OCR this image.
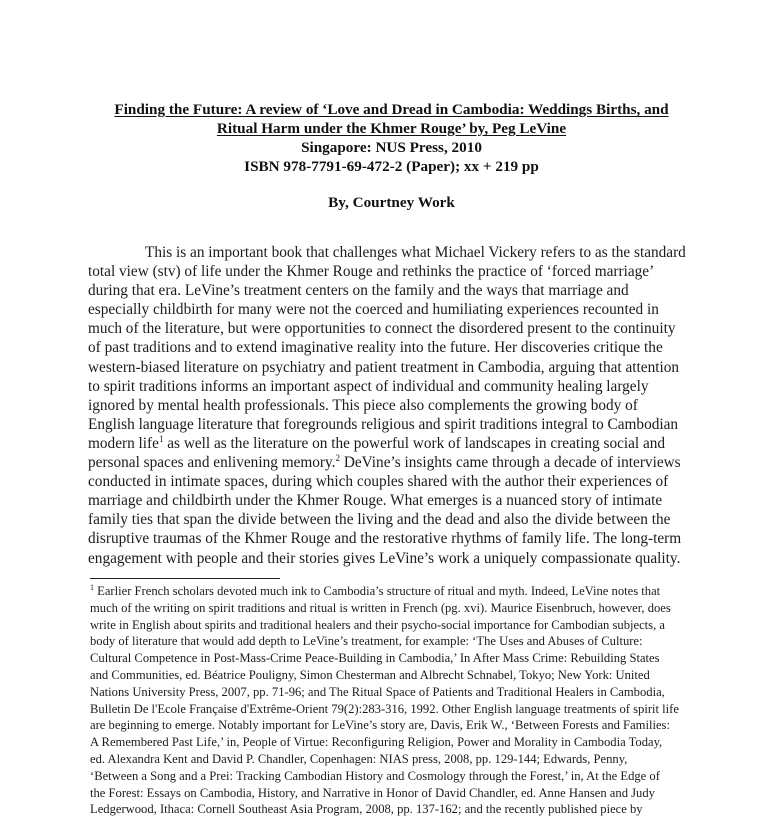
Finding the Future: A review of ‘Love and Dread in Cambodia: Weddings Births, and
Ritual Harm under the Khmer Rouge’ by, Peg LeVine
Singapore: NUS Press, 2010
ISBN 978-7791-69-472-2 (Paper); xx + 219 pp
By, Courtney Work
This is an important book that challenges what Michael Vickery refers to as the standard
total view (stv) of life under the Khmer Rouge and rethinks the practice of ‘forced marriage’
during that era. LeVine’s treatment centers on the family and the ways that marriage and
especially childbirth for many were not the coerced and humiliating experiences recounted in
much of the literature, but were opportunities to connect the disordered present to the continuity
of past traditions and to extend imaginative reality into the future. Her discoveries critique the
western-biased literature on psychiatry and patient treatment in Cambodia, arguing that attention
to spirit traditions informs an important aspect of individual and community healing largely
ignored by mental health professionals. This piece also complements the growing body of
English language literature that foregrounds religious and spirit traditions integral to Cambodian
modern life$^1$ as well as the literature on the powerful work of landscapes in creating social and
personal spaces and enlivening memory.$^2$ DeVine’s insights came through a decade of interviews
conducted in intimate spaces, during which couples shared with the author their experiences of
marriage and childbirth under the Khmer Rouge. What emerges is a nuanced story of intimate
family ties that span the divide between the living and the dead and also the divide between the
disruptive traumas of the Khmer Rouge and the restorative rhythms of family life. The long-term
engagement with people and their stories gives LeVine’s work a uniquely compassionate quality.
$^1$ Earlier French scholars devoted much ink to Cambodia’s structure of ritual and myth. Indeed, LeVine notes that
much of the writing on spirit traditions and ritual is written in French (pg. xvi). Maurice Eisenbruch, however, does
write in English about spirits and traditional healers and their psycho-social importance for Cambodian subjects, a
body of literature that would add depth to LeVine’s treatment, for example: ‘The Uses and Abuses of Culture:
Cultural Competence in Post-Mass-Crime Peace-Building in Cambodia,’ In After Mass Crime: Rebuilding States
and Communities, ed. Béatrice Pouligny, Simon Chesterman and Albrecht Schnabel, Tokyo; New York: United
Nations University Press, 2007, pp. 71-96; and The Ritual Space of Patients and Traditional Healers in Cambodia,
Bulletin De l'Ecole Française d'Extrême-Orient 79(2):283-316, 1992. Other English language treatments of spirit life
are beginning to emerge. Notably important for LeVine’s story are, Davis, Erik W., ‘Between Forests and Families:
A Remembered Past Life,’ in, People of Virtue: Reconfiguring Religion, Power and Morality in Cambodia Today,
ed. Alexandra Kent and David P. Chandler, Copenhagen: NIAS press, 2008, pp. 129-144; Edwards, Penny,
‘Between a Song and a Prei: Tracking Cambodian History and Cosmology through the Forest,’ in, At the Edge of
the Forest: Essays on Cambodia, History, and Narrative in Honor of David Chandler, ed. Anne Hansen and Judy
Ledgerwood, Ithaca: Cornell Southeast Asia Program, 2008, pp. 137-162; and the recently published piece by
